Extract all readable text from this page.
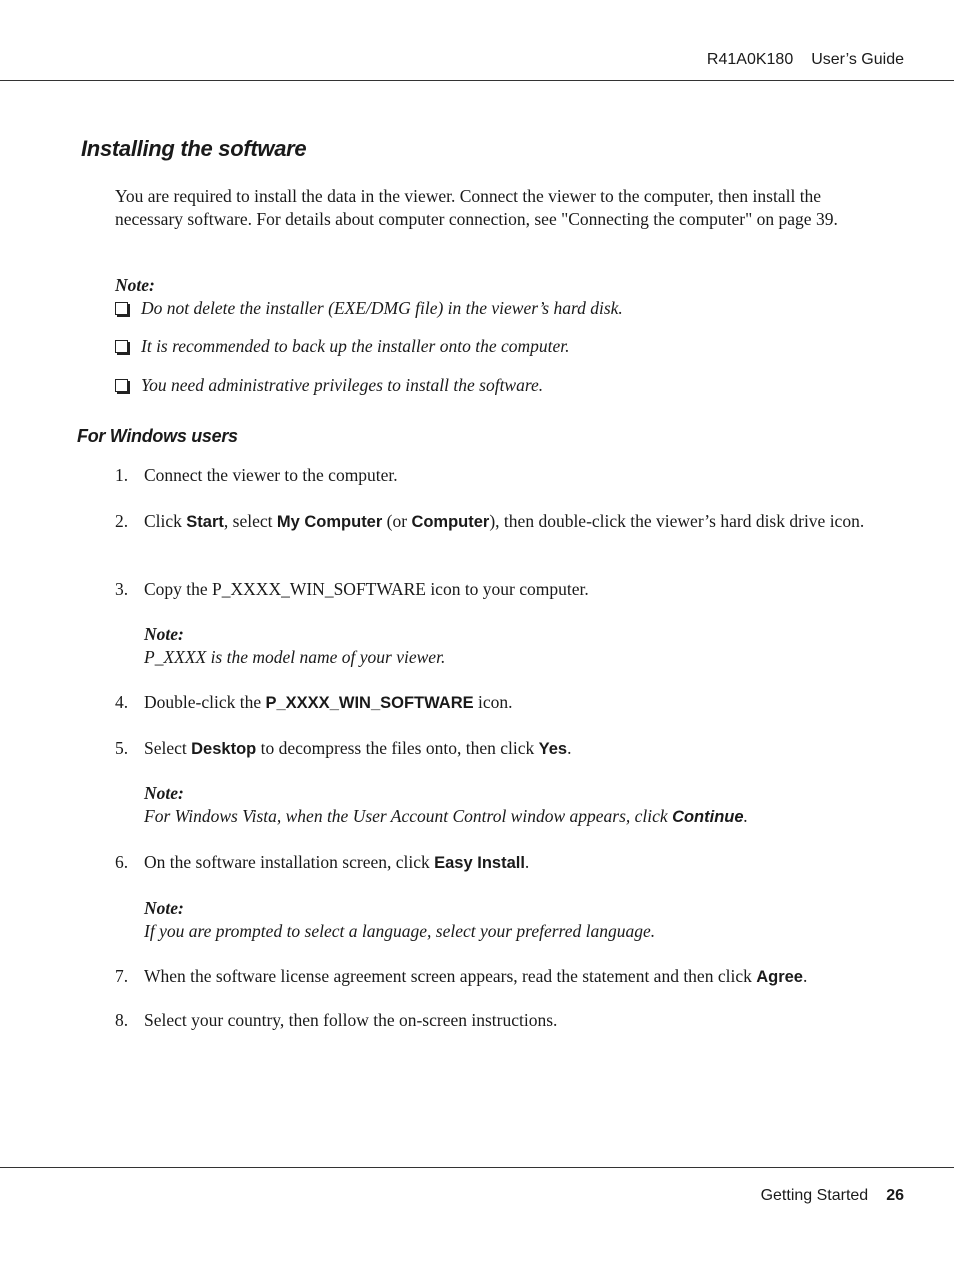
R41A0K180 User’s Guide
Installing the software
You are required to install the data in the viewer. Connect the viewer to the computer, then install the necessary software. For details about computer connection, see "Connecting the computer" on page 39.
Note:
Do not delete the installer (EXE/DMG file) in the viewer’s hard disk.
It is recommended to back up the installer onto the computer.
You need administrative privileges to install the software.
For Windows users
1. Connect the viewer to the computer.
2. Click Start, select My Computer (or Computer), then double-click the viewer’s hard disk drive icon.
3. Copy the P_XXXX_WIN_SOFTWARE icon to your computer.
Note:
P_XXXX is the model name of your viewer.
4. Double-click the P_XXXX_WIN_SOFTWARE icon.
5. Select Desktop to decompress the files onto, then click Yes.
Note:
For Windows Vista, when the User Account Control window appears, click Continue.
6. On the software installation screen, click Easy Install.
Note:
If you are prompted to select a language, select your preferred language.
7. When the software license agreement screen appears, read the statement and then click Agree.
8. Select your country, then follow the on-screen instructions.
Getting Started 26
